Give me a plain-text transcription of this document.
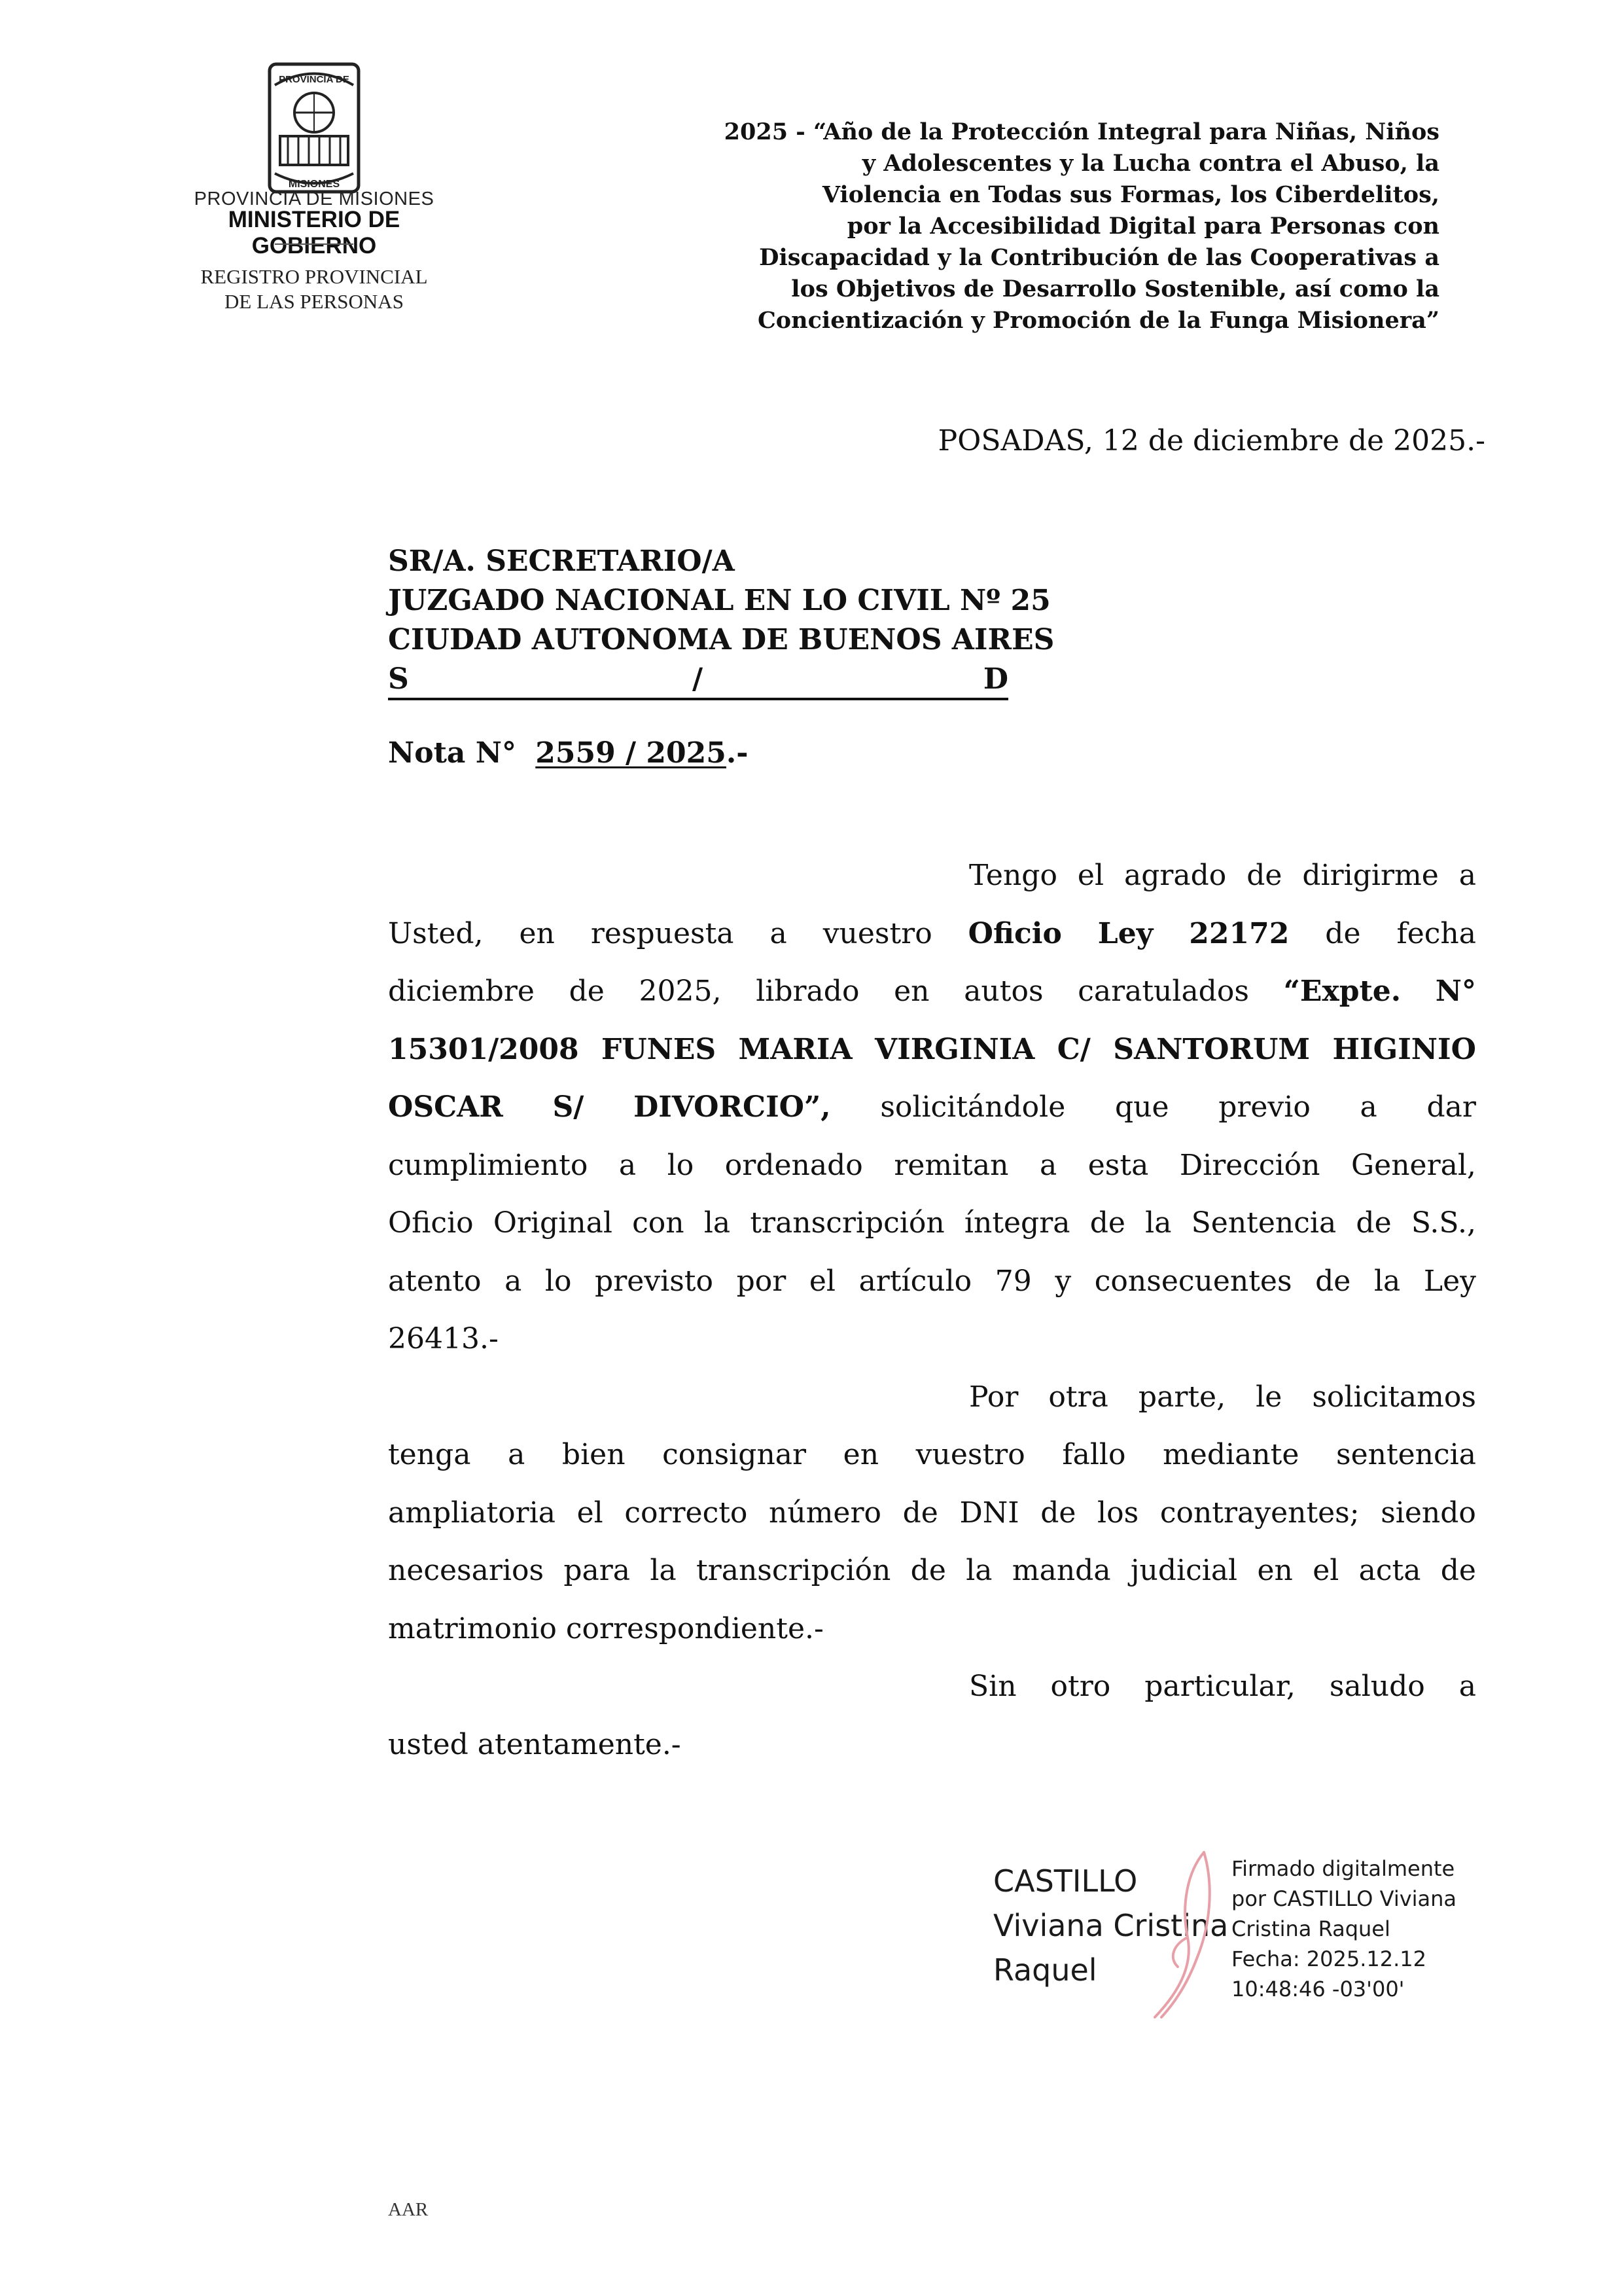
PROVINCIA DE
MISIONES
PROVINCIA DE MISIONES
MINISTERIO DE GOBIERNO
REGISTRO PROVINCIAL
DE LAS PERSONAS
2025 - “Año de la Protección Integral para Niñas, Niños
y Adolescentes y la Lucha contra el Abuso, la
Violencia en Todas sus Formas, los Ciberdelitos,
por la Accesibilidad Digital para Personas con
Discapacidad y la Contribución de las Cooperativas a
los Objetivos de Desarrollo Sostenible, así como la
Concientización y Promoción de la Funga Misionera”
POSADAS, 12 de diciembre de 2025.-
SR/A. SECRETARIO/A
JUZGADO NACIONAL EN LO CIVIL Nº 25
CIUDAD AUTONOMA DE BUENOS AIRES
S	/	D
Nota N° 2559 / 2025.-
Tengo el agrado de dirigirme a
Usted, en respuesta a vuestro Oficio Ley 22172 de fecha
diciembre de 2025, librado en autos caratulados “Expte. N°
15301/2008 FUNES MARIA VIRGINIA C/ SANTORUM HIGINIO
OSCAR S/ DIVORCIO”, solicitándole que previo a dar
cumplimiento a lo ordenado remitan a esta Dirección General,
Oficio Original con la transcripción íntegra de la Sentencia de S.S.,
atento a lo previsto por el artículo 79 y consecuentes de la Ley
26413.-
Por otra parte, le solicitamos
tenga a bien consignar en vuestro fallo mediante sentencia
ampliatoria el correcto número de DNI de los contrayentes; siendo
necesarios para la transcripción de la manda judicial en el acta de
matrimonio correspondiente.-
Sin otro particular, saludo a
usted atentamente.-
CASTILLO
Viviana Cristina
Raquel
Firmado digitalmente
por CASTILLO Viviana
Cristina Raquel
Fecha: 2025.12.12
10:48:46 -03'00'
AAR
